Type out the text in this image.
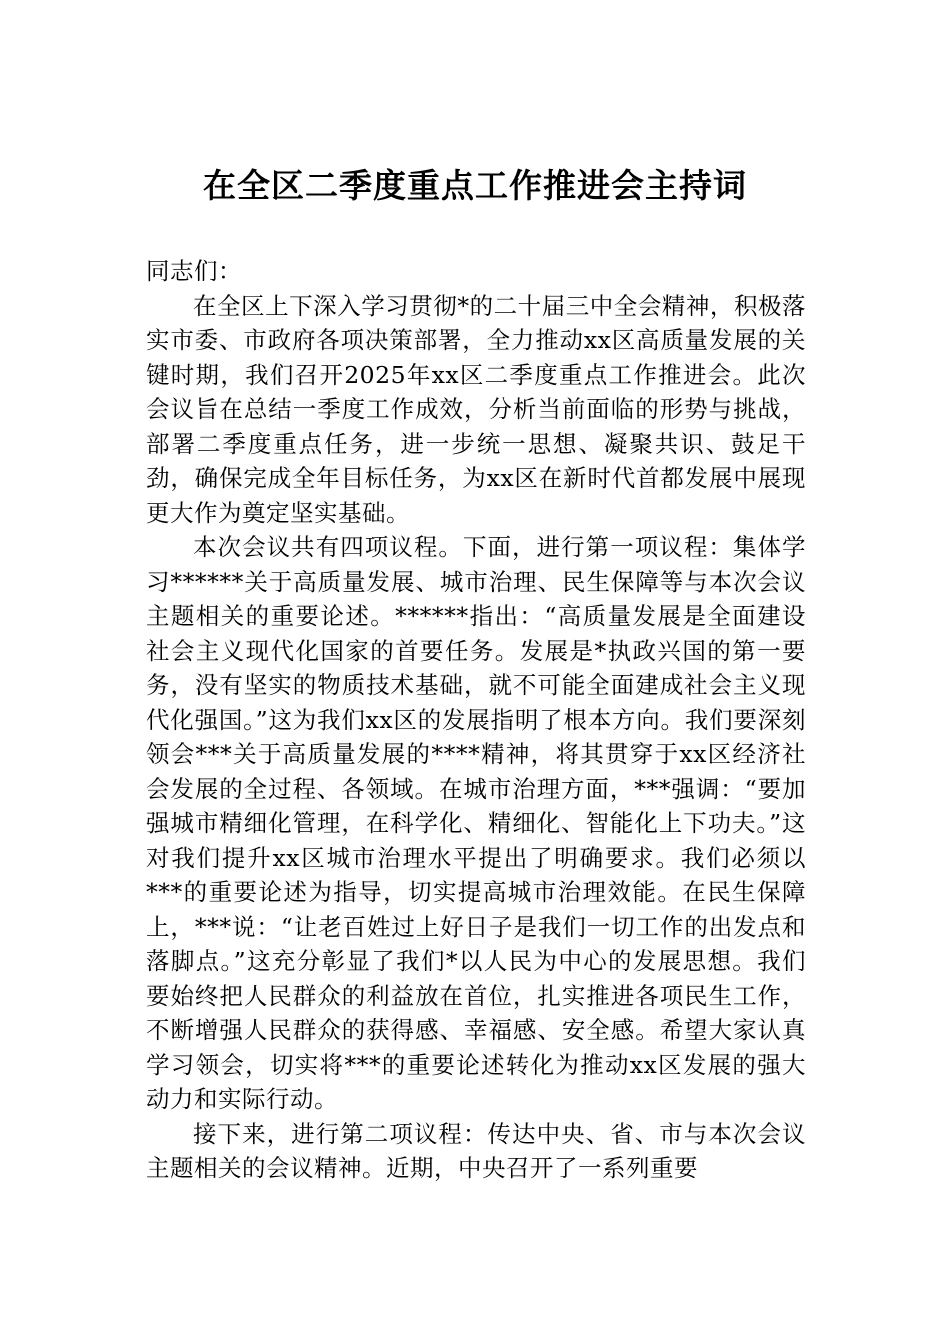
在全区二季度重点工作推进会主持词

同志们：

在全区上下深入学习贯彻*的二十届三中全会精神，积极落实市委、市政府各项决策部署，全力推动xx区高质量发展的关键时期，我们召开2025年xx区二季度重点工作推进会。此次会议旨在总结一季度工作成效，分析当前面临的形势与挑战，部署二季度重点任务，进一步统一思想、凝聚共识、鼓足干劲，确保完成全年目标任务，为xx区在新时代首都发展中展现更大作为奠定坚实基础。

本次会议共有四项议程。下面，进行第一项议程：集体学习******关于高质量发展、城市治理、民生保障等与本次会议主题相关的重要论述。******指出：“高质量发展是全面建设社会主义现代化国家的首要任务。发展是*执政兴国的第一要务，没有坚实的物质技术基础，就不可能全面建成社会主义现代化强国。”这为我们xx区的发展指明了根本方向。我们要深刻领会***关于高质量发展的****精神，将其贯穿于xx区经济社会发展的全过程、各领域。在城市治理方面，***强调：“要加强城市精细化管理，在科学化、精细化、智能化上下功夫。”这对我们提升xx区城市治理水平提出了明确要求。我们必须以***的重要论述为指导，切实提高城市治理效能。在民生保障上，***说：“让老百姓过上好日子是我们一切工作的出发点和落脚点。”这充分彰显了我们*以人民为中心的发展思想。我们要始终把人民群众的利益放在首位，扎实推进各项民生工作，不断增强人民群众的获得感、幸福感、安全感。希望大家认真学习领会，切实将***的重要论述转化为推动xx区发展的强大动力和实际行动。

接下来，进行第二项议程：传达中央、省、市与本次会议主题相关的会议精神。近期，中央召开了一系列重要
